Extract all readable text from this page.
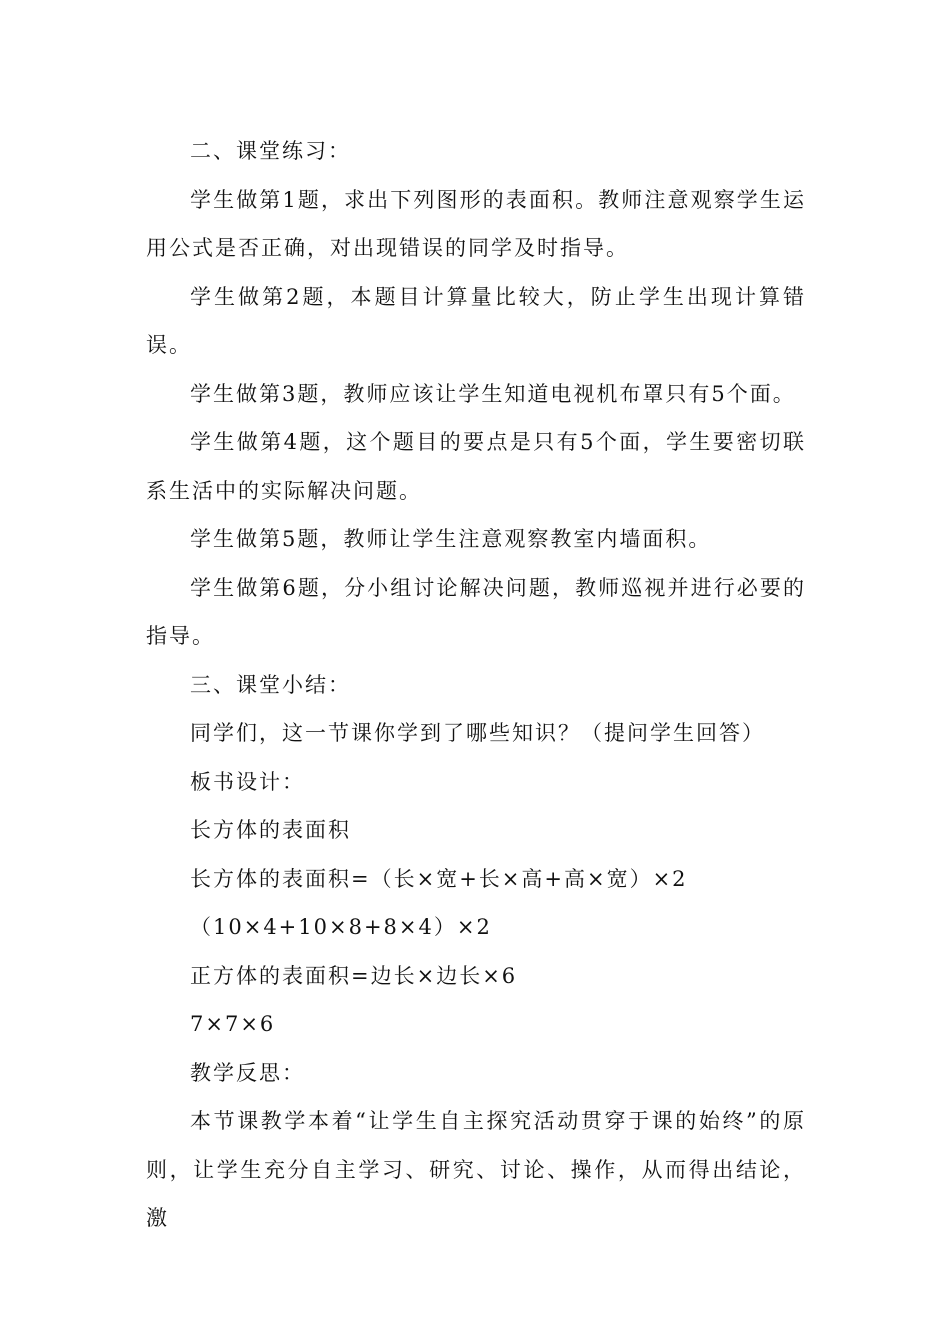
二、课堂练习：

学生做第1题，求出下列图形的表面积。教师注意观察学生运用公式是否正确，对出现错误的同学及时指导。

学生做第2题，本题目计算量比较大，防止学生出现计算错误。

学生做第3题，教师应该让学生知道电视机布罩只有5个面。

学生做第4题，这个题目的要点是只有5个面，学生要密切联系生活中的实际解决问题。

学生做第5题，教师让学生注意观察教室内墙面积。

学生做第6题，分小组讨论解决问题，教师巡视并进行必要的指导。

三、课堂小结：

同学们，这一节课你学到了哪些知识？（提问学生回答）

板书设计：

长方体的表面积

长方体的表面积=（长×宽+长×高+高×宽）×2

（10×4+10×8+8×4）×2

正方体的表面积=边长×边长×6

7×7×6

教学反思：

本节课教学本着“让学生自主探究活动贯穿于课的始终”的原则，让学生充分自主学习、研究、讨论、操作，从而得出结论，激
